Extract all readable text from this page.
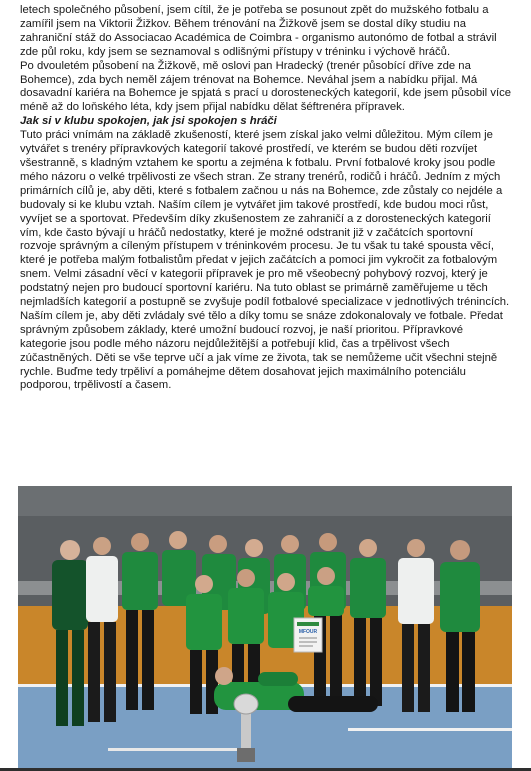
letech společného působení, jsem cítil, že je potřeba se posunout zpět do mužského fotbalu a zamířil jsem na Viktorii Žižkov. Během trénování na Žižkově jsem se dostal díky studiu na zahraniční stáž do Associacao Académica de Coimbra - organismo autonómo de fotbal a strávil zde půl roku, kdy jsem se seznamoval s odlišnými přístupy v tréninku i výchově hráčů.

Po dvouletém působení na Žižkově, mě oslovi pan Hradecký (trenér působící dříve zde na Bohemce), zda bych neměl zájem trénovat na Bohemce. Neváhal jsem a nabídku přijal. Má dosavadní kariéra na Bohemce je spjatá s prací u dorosteneckých kategorií, kde jsem působil více méně až do loňského léta, kdy jsem přijal nabídku dělat šéftrenéra přípravek.

Jak si v klubu spokojen, jak jsi spokojen s hráči

Tuto práci vnímám na základě zkušeností, které jsem získal jako velmi důležitou. Mým cílem je vytvářet s trenéry přípravkových kategorií takové prostředí, ve kterém se budou děti rozvíjet všestranně, s kladným vztahem ke sportu a zejména k fotbalu. První fotbalové kroky jsou podle mého názoru o velké trpělivosti ze všech stran. Ze strany trenérů, rodičů i hráčů. Jedním z mých primárních cílů je, aby děti, které s fotbalem začnou u nás na Bohemce, zde zůstaly co nejdéle a budovaly si ke klubu vztah. Naším cílem je vytvářet jim takové prostředí, kde budou moci růst, vyvíjet se a sportovat. Především díky zkušenostem ze zahraničí a z dorosteneckých kategorií vím, kde často bývají u hráčů nedostatky, které je možné odstranit již v začátcích sportovní rozvoje správným a cíleným přístupem v tréninkovém procesu. Je tu však tu také spousta věcí, které je potřeba malým fotbalistům předat v jejich začátcích a pomoci jim vykročit za fotbalovým snem. Velmi zásadní věcí v kategorii přípravek je pro mě všeobecný pohybový rozvoj, který je podstatný nejen pro budoucí sportovní kariéru. Na tuto oblast se primárně zaměřujeme u těch nejmladších kategorií a postupně se zvyšuje podíl fotbalové specializace v jednotlivých trénincích. Naším cílem je, aby děti zvládaly své tělo a díky tomu se snáze zdokonalovaly ve fotbale. Předat správným způsobem základy, které umožní budoucí rozvoj, je naší prioritou. Přípravkové kategorie jsou podle mého názoru nejdůležitější a potřebují klid, čas a trpělivost všech zúčastněných. Děti se vše teprve učí a jak víme ze života, tak se nemůžeme učit všechni stejně rychle. Buďme tedy trpěliví a pomáhejme dětem dosahovat jejich maximálního potenciálu podporou, trpělivostí a časem.

MFOUR
